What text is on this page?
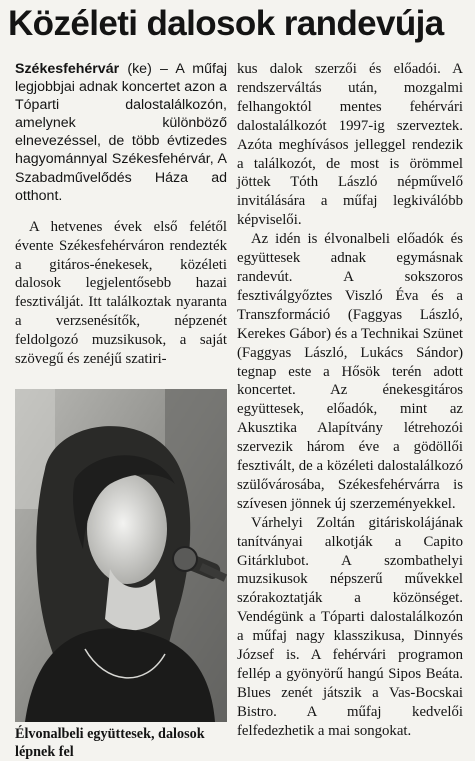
Közéleti dalosok randevúja

Székesfehérvár (ke) – A műfaj legjobbjai adnak koncertet azon a Tóparti dalostalálkozón, amelynek különböző elnevezéssel, de több évtizedes hagyománnyal Székesfehérvár, A Szabadművelődés Háza ad otthont.

A hetvenes évek első felétől évente Székesfehérváron rendezték a gitáros-énekesek, közéleti dalosok legjelentősebb hazai fesztiválját. Itt találkoztak nyaranta a verzsenésítők, népzenét feldolgozó muzsikusok, a saját szövegű és zenéjű szatiri-

Élvonalbeli együttesek, dalosok lépnek fel

kus dalok szerzői és előadói. A rendszerváltás után, mozgalmi felhangoktól mentes fehérvári dalostalálkozót 1997-ig szerveztek. Azóta meghívásos jelleggel rendezik a találkozót, de most is örömmel jöttek Tóth László népművelő invitálására a műfaj legkiválóbb képviselői.

Az idén is élvonalbeli előadók és együttesek adnak egymásnak randevút. A sokszoros fesztiválgyőztes Viszló Éva és a Transzformáció (Faggyas László, Kerekes Gábor) és a Technikai Szünet (Faggyas László, Lukács Sándor) tegnap este a Hősök terén adott koncertet. Az énekesgitáros együttesek, előadók, mint az Akusztika Alapítvány létrehozói szervezik három éve a gödöllői fesztivált, de a közéleti dalostalálkozó szülővárosába, Székesfehérvárra is szívesen jönnek új szerzeményekkel.

Várhelyi Zoltán gitáriskolájának tanítványai alkotják a Capito Gitárklubot. A szombathelyi muzsikusok népszerű művekkel szórakoztatják a közönséget. Vendégünk a Tóparti dalostalálkozón a műfaj nagy klasszikusa, Dinnyés József is. A fehérvári programon fellép a gyönyörű hangú Sipos Beáta. Blues zenét játszik a Vas-Bocskai Bistro. A műfaj kedvelői felfedezhetik a mai songokat.
